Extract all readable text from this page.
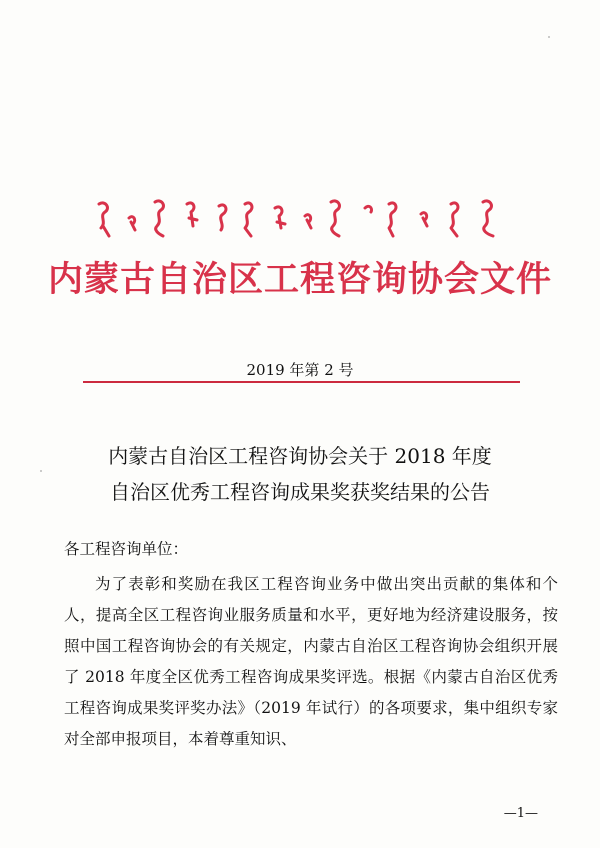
内蒙古自治区工程咨询协会文件
2019 年第 2 号
内蒙古自治区工程咨询协会关于 2018 年度
自治区优秀工程咨询成果奖获奖结果的公告
各工程咨询单位：
为了表彰和奖励在我区工程咨询业务中做出突出贡献的集体和个人，提高全区工程咨询业服务质量和水平，更好地为经济建设服务，按照中国工程咨询协会的有关规定，内蒙古自治区工程咨询协会组织开展了 2018 年度全区优秀工程咨询成果奖评选。根据《内蒙古自治区优秀工程咨询成果奖评奖办法》（2019 年试行）的各项要求，集中组织专家对全部申报项目，本着尊重知识、
—1—
